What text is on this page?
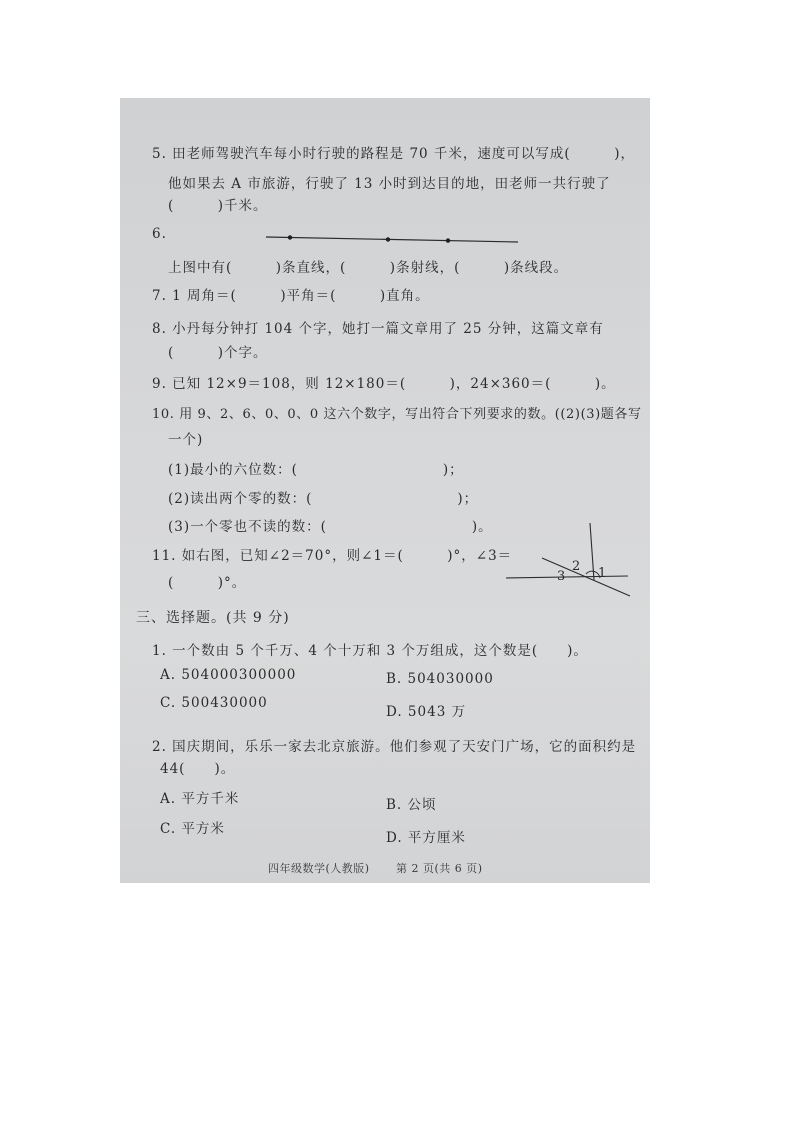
5. 田老师驾驶汽车每小时行驶的路程是 70 千米，速度可以写成(　　　)，
他如果去 A 市旅游，行驶了 13 小时到达目的地，田老师一共行驶了
(　　　)千米。
6.
上图中有(　　　)条直线，(　　　)条射线，(　　　)条线段。
7. 1 周角＝(　　　)平角＝(　　　)直角。
8. 小丹每分钟打 104 个字，她打一篇文章用了 25 分钟，这篇文章有
(　　　)个字。
9. 已知 12×9＝108，则 12×180＝(　　　)，24×360＝(　　　)。
10. 用 9、2、6、0、0、0 这六个数字，写出符合下列要求的数。((2)(3)题各写
一个)
(1)最小的六位数：(　　　　　　　　　　)；
(2)读出两个零的数：(　　　　　　　　　　)；
(3)一个零也不读的数：(　　　　　　　　　　)。
11. 如右图，已知∠2＝70°，则∠1＝(　　　)°，∠3＝
(　　　)°。
2
3	1
三、选择题。(共 9 分)
1. 一个数由 5 个千万、4 个十万和 3 个万组成，这个数是(　　)。
A. 504000300000	B. 504030000
C. 500430000
D. 5043 万
2. 国庆期间，乐乐一家去北京旅游。他们参观了天安门广场，它的面积约是
44(　　)。
A. 平方千米	B. 公顷
C. 平方米
D. 平方厘米
四年级数学(人教版) 第 2 页(共 6 页)
